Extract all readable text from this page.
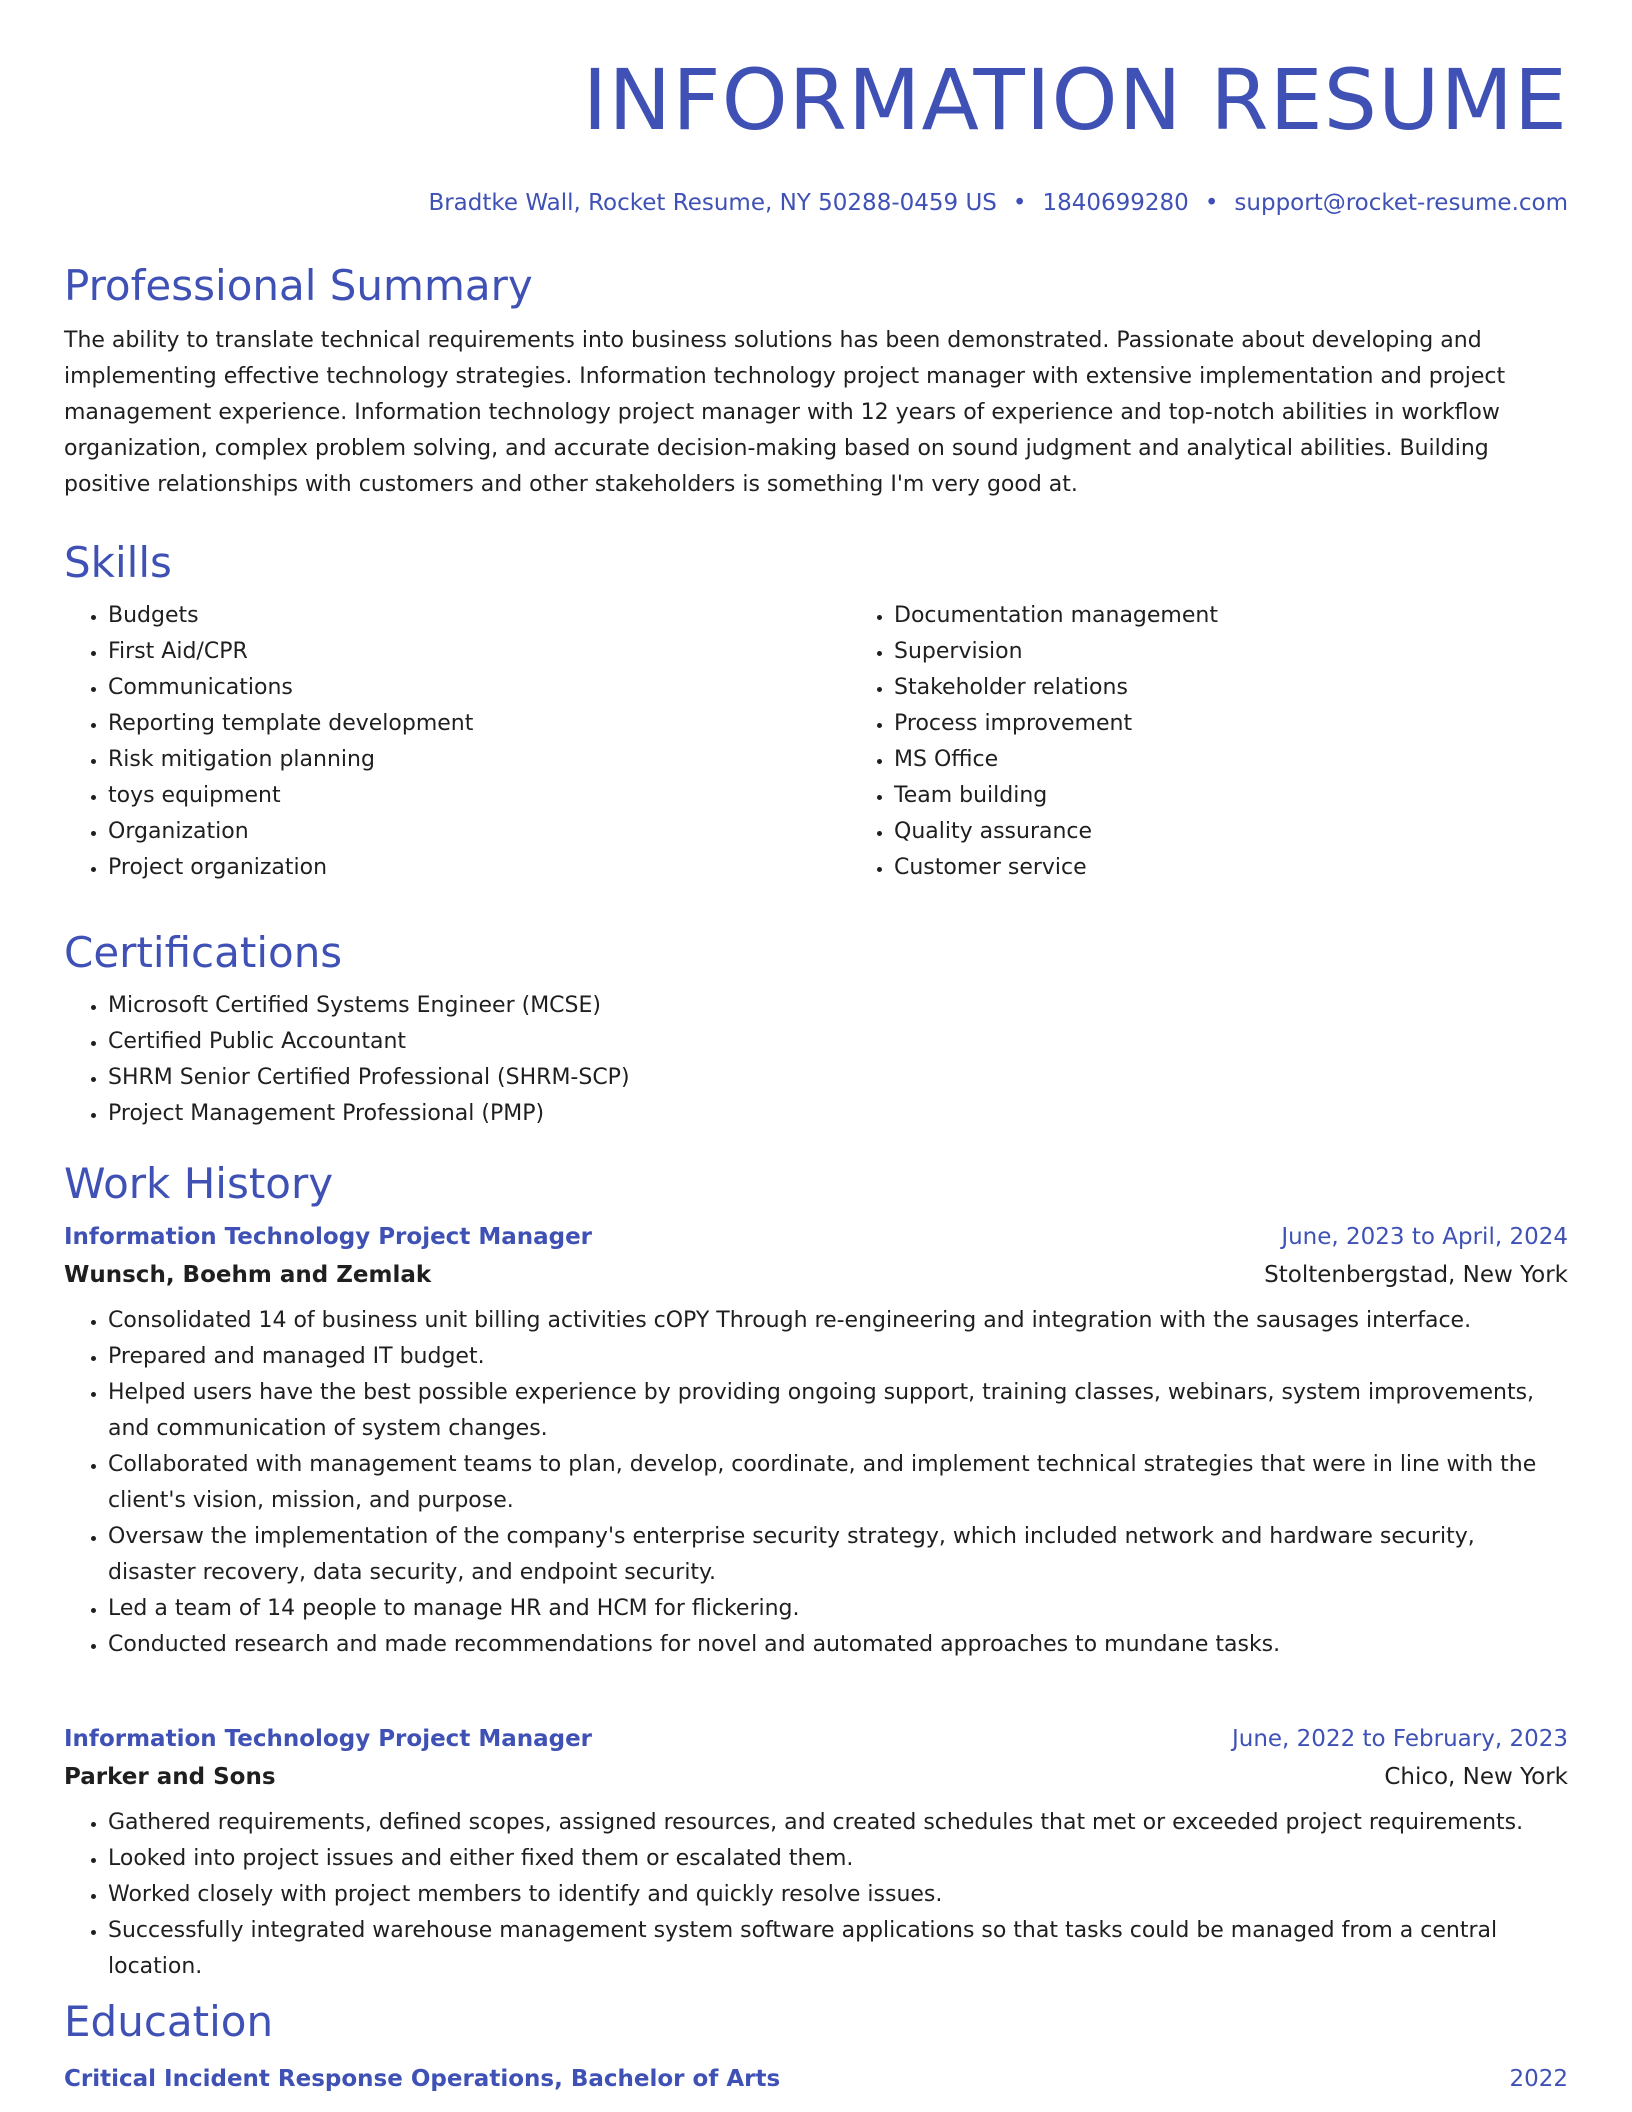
INFORMATION RESUME
Bradtke Wall, Rocket Resume, NY 50288-0459 US • 1840699280 • support@rocket-resume.com
Professional Summary
The ability to translate technical requirements into business solutions has been demonstrated. Passionate about developing and implementing effective technology strategies. Information technology project manager with extensive implementation and project management experience. Information technology project manager with 12 years of experience and top-notch abilities in workflow organization, complex problem solving, and accurate decision-making based on sound judgment and analytical abilities. Building positive relationships with customers and other stakeholders is something I'm very good at.
Skills
• Budgets
• First Aid/CPR
• Communications
• Reporting template development
• Risk mitigation planning
• toys equipment
• Organization
• Project organization
• Documentation management
• Supervision
• Stakeholder relations
• Process improvement
• MS Office
• Team building
• Quality assurance
• Customer service
Certifications
• Microsoft Certified Systems Engineer (MCSE)
• Certified Public Accountant
• SHRM Senior Certified Professional (SHRM-SCP)
• Project Management Professional (PMP)
Work History
Information Technology Project Manager	June, 2023 to April, 2024
Wunsch, Boehm and Zemlak	Stoltenbergstad, New York
• Consolidated 14 of business unit billing activities cOPY Through re-engineering and integration with the sausages interface.
• Prepared and managed IT budget.
• Helped users have the best possible experience by providing ongoing support, training classes, webinars, system improvements, and communication of system changes.
• Collaborated with management teams to plan, develop, coordinate, and implement technical strategies that were in line with the client's vision, mission, and purpose.
• Oversaw the implementation of the company's enterprise security strategy, which included network and hardware security, disaster recovery, data security, and endpoint security.
• Led a team of 14 people to manage HR and HCM for flickering.
• Conducted research and made recommendations for novel and automated approaches to mundane tasks.
Information Technology Project Manager	June, 2022 to February, 2023
Parker and Sons	Chico, New York
• Gathered requirements, defined scopes, assigned resources, and created schedules that met or exceeded project requirements.
• Looked into project issues and either fixed them or escalated them.
• Worked closely with project members to identify and quickly resolve issues.
• Successfully integrated warehouse management system software applications so that tasks could be managed from a central location.
Education
Critical Incident Response Operations, Bachelor of Arts	2022
